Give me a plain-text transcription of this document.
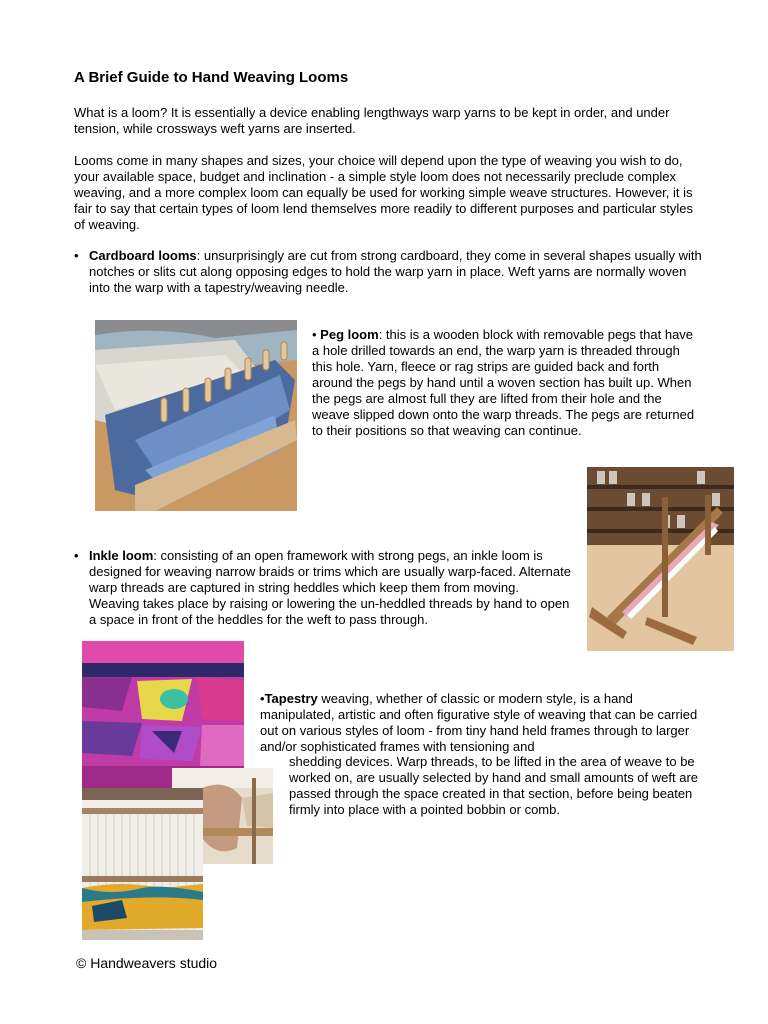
A Brief Guide to Hand Weaving Looms

What is a loom? It is essentially a device enabling lengthways warp yarns to be kept in order, and under tension, while crossways weft yarns are inserted.

Looms come in many shapes and sizes, your choice will depend upon the type of weaving you wish to do, your available space, budget and inclination - a simple style loom does not necessarily preclude complex weaving, and a more complex loom can equally be used for working simple weave structures. However, it is fair to say that certain types of loom lend themselves more readily to different purposes and particular styles of weaving.

• Cardboard looms: unsurprisingly are cut from strong cardboard, they come in several shapes usually with notches or slits cut along opposing edges to hold the warp yarn in place. Weft yarns are normally woven into the warp with a tapestry/weaving needle.

• Peg loom: this is a wooden block with removable pegs that have a hole drilled towards an end, the warp yarn is threaded through this hole. Yarn, fleece or rag strips are guided back and forth around the pegs by hand until a woven section has built up. When the pegs are almost full they are lifted from their hole and the weave slipped down onto the warp threads. The pegs are returned to their positions so that weaving can continue.

• Inkle loom: consisting of an open framework with strong pegs, an inkle loom is designed for weaving narrow braids or trims which are usually warp-faced. Alternate warp threads are captured in string heddles which keep them from moving. Weaving takes place by raising or lowering the un-heddled threads by hand to open a space in front of the heddles for the weft to pass through.

•Tapestry weaving, whether of classic or modern style, is a hand manipulated, artistic and often figurative style of weaving that can be carried out on various styles of loom - from tiny hand held frames through to larger and/or sophisticated frames with tensioning and

shedding devices. Warp threads, to be lifted in the area of weave to be worked on, are usually selected by hand and small amounts of weft are passed through the space created in that section, before being beaten firmly into place with a pointed bobbin or comb.

© Handweavers studio
